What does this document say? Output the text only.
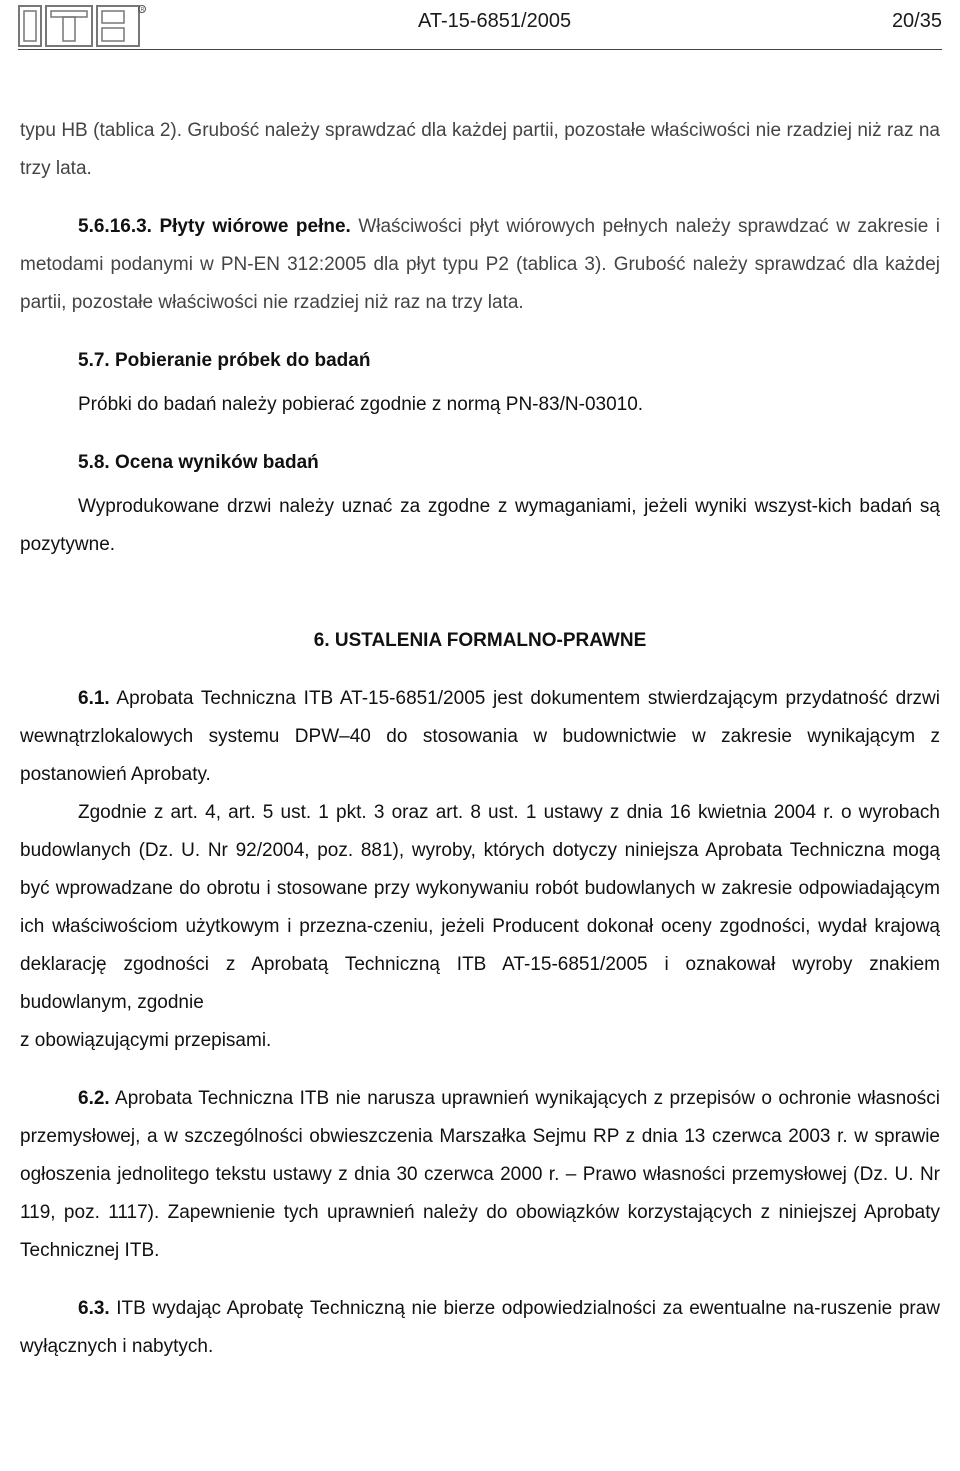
R	AT-15-6851/2005	20/35

typu HB (tablica 2). Grubość należy sprawdzać dla każdej partii, pozostałe właściwości nie rzadziej niż raz na trzy lata.

5.6.16.3. Płyty wiórowe pełne. Właściwości płyt wiórowych pełnych należy sprawdzać w zakresie i metodami podanymi w PN-EN 312:2005 dla płyt typu P2 (tablica 3). Grubość należy sprawdzać dla każdej partii, pozostałe właściwości nie rzadziej niż raz na trzy lata.

5.7. Pobieranie próbek do badań

Próbki do badań należy pobierać zgodnie z normą PN-83/N-03010.

5.8. Ocena wyników badań

Wyprodukowane drzwi należy uznać za zgodne z wymaganiami, jeżeli wyniki wszyst-kich badań są pozytywne.

6. USTALENIA FORMALNO-PRAWNE

6.1. Aprobata Techniczna ITB AT-15-6851/2005 jest dokumentem stwierdzającym przydatność drzwi wewnątrzlokalowych systemu DPW–40 do stosowania w budownictwie w zakresie wynikającym z postanowień Aprobaty.

Zgodnie z art. 4, art. 5 ust. 1 pkt. 3 oraz art. 8 ust. 1 ustawy z dnia 16 kwietnia 2004 r. o wyrobach budowlanych (Dz. U. Nr 92/2004, poz. 881), wyroby, których dotyczy niniejsza Aprobata Techniczna mogą być wprowadzane do obrotu i stosowane przy wykonywaniu robót budowlanych w zakresie odpowiadającym ich właściwościom użytkowym i przezna-czeniu, jeżeli Producent dokonał oceny zgodności, wydał krajową deklarację zgodności z Aprobatą Techniczną ITB AT-15-6851/2005 i oznakował wyroby znakiem budowlanym, zgodnie

z obowiązującymi przepisami.

6.2. Aprobata Techniczna ITB nie narusza uprawnień wynikających z przepisów o ochronie własności przemysłowej, a w szczególności obwieszczenia Marszałka Sejmu RP z dnia 13 czerwca 2003 r. w sprawie ogłoszenia jednolitego tekstu ustawy z dnia 30 czerwca 2000 r. – Prawo własności przemysłowej (Dz. U. Nr 119, poz. 1117). Zapewnienie tych uprawnień należy do obowiązków korzystających z niniejszej Aprobaty Technicznej ITB.

6.3. ITB wydając Aprobatę Techniczną nie bierze odpowiedzialności za ewentualne na-ruszenie praw wyłącznych i nabytych.
